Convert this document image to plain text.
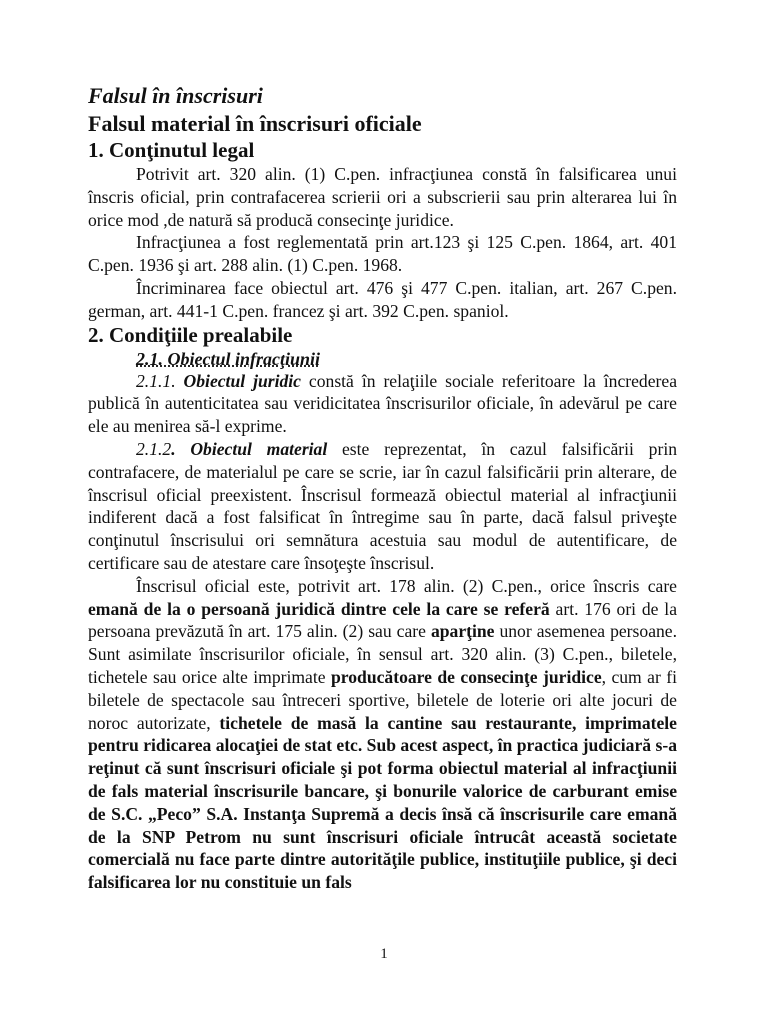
Falsul în înscrisuri
Falsul material în înscrisuri oficiale
1. Conţinutul legal

Potrivit art. 320 alin. (1) C.pen. infracţiunea constă în falsificarea unui înscris oficial, prin contrafacerea scrierii ori a subscrierii sau prin alterarea lui în orice mod ,de natură să producă consecinţe juridice.

Infracţiunea a fost reglementată prin art.123 şi 125 C.pen. 1864, art. 401 C.pen. 1936 şi art. 288 alin. (1) C.pen. 1968.

Încriminarea face obiectul art. 476 şi 477 C.pen. italian, art. 267 C.pen. german, art. 441-1 C.pen. francez şi art. 392 C.pen. spaniol.

2. Condiţiile prealabile
2.1. Obiectul infracţiunii

2.1.1. Obiectul juridic constă în relaţiile sociale referitoare la încrederea publică în autenticitatea sau veridicitatea înscrisurilor oficiale, în adevărul pe care ele au menirea să-l exprime.

2.1.2. Obiectul material este reprezentat, în cazul falsificării prin contrafacere, de materialul pe care se scrie, iar în cazul falsificării prin alterare, de înscrisul oficial preexistent. Înscrisul formează obiectul material al infracţiunii indiferent dacă a fost falsificat în întregime sau în parte, dacă falsul priveşte conţinutul înscrisului ori semnătura acestuia sau modul de autentificare, de certificare sau de atestare care însoţeşte înscrisul.

Înscrisul oficial este, potrivit art. 178 alin. (2) C.pen., orice înscris care emană de la o persoană juridică dintre cele la care se referă art. 176 ori de la persoana prevăzută în art. 175 alin. (2) sau care aparţine unor asemenea persoane. Sunt asimilate înscrisurilor oficiale, în sensul art. 320 alin. (3) C.pen., biletele, tichetele sau orice alte imprimate producătoare de consecinţe juridice, cum ar fi biletele de spectacole sau întreceri sportive, biletele de loterie ori alte jocuri de noroc autorizate, tichetele de masă la cantine sau restaurante, imprimatele pentru ridicarea alocaţiei de stat etc. Sub acest aspect, în practica judiciară s-a reţinut că sunt înscrisuri oficiale şi pot forma obiectul material al infracţiunii de fals material înscrisurile bancare, şi bonurile valorice de carburant emise de S.C. „Peco” S.A. Instanţa Supremă a decis însă că înscrisurile care emană de la SNP Petrom nu sunt înscrisuri oficiale întrucât această societate comercială nu face parte dintre autorităţile publice, instituţiile publice, şi deci falsificarea lor nu constituie un fals

1
